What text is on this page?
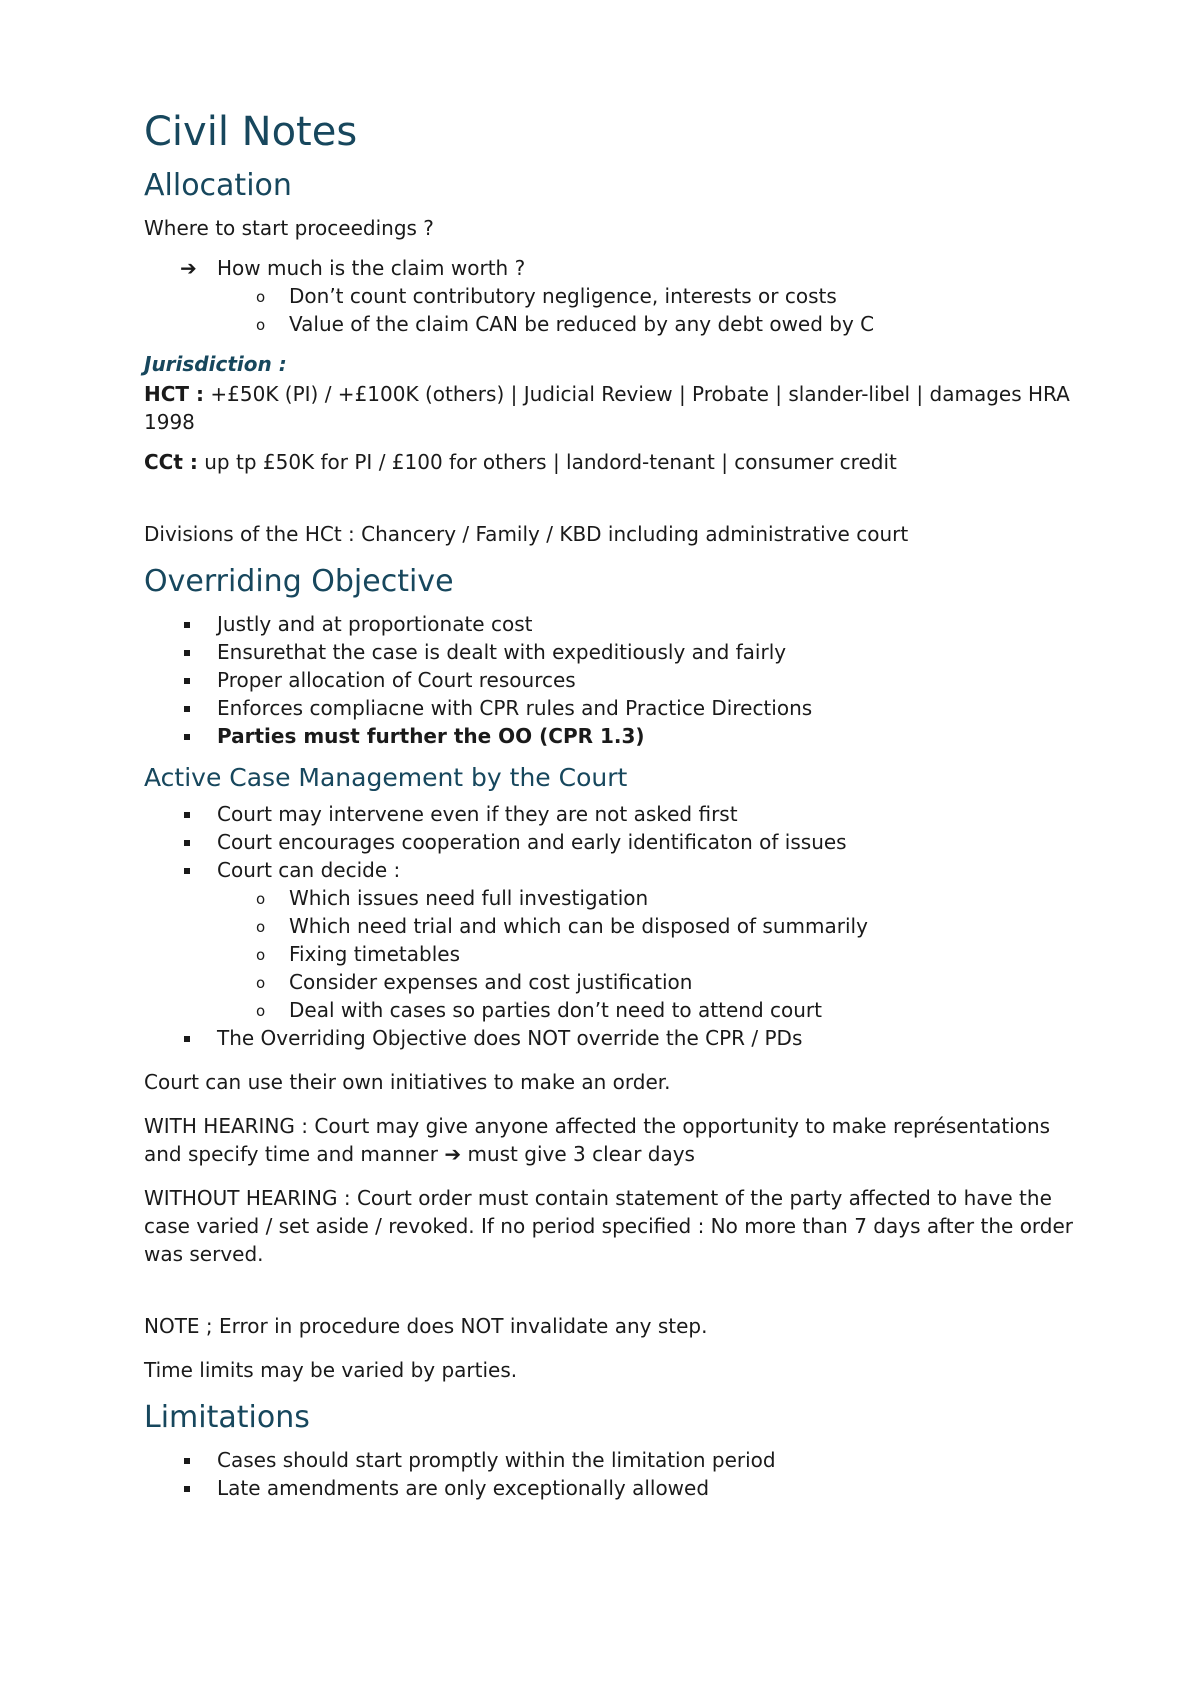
Civil Notes
Allocation

Where to start proceedings ?

➔ How much is the claim worth ?
o Don’t count contributory negligence, interests or costs
o Value of the claim CAN be reduced by any debt owed by C

Jurisdiction :

HCT : +£50K (PI) / +£100K (others) | Judicial Review | Probate | slander-libel | damages HRA 1998

CCt : up tp £50K for PI / £100 for others | landord-tenant | consumer credit

Divisions of the HCt : Chancery / Family / KBD including administrative court

Overriding Objective
Justly and at proportionate cost
Ensurethat the case is dealt with expeditiously and fairly
Proper allocation of Court resources
Enforces compliacne with CPR rules and Practice Directions
Parties must further the OO (CPR 1.3)
Active Case Management by the Court
Court may intervene even if they are not asked first
Court encourages cooperation and early identificaton of issues
Court can decide :
o Which issues need full investigation
o Which need trial and which can be disposed of summarily
o Fixing timetables
o Consider expenses and cost justification
o Deal with cases so parties don’t need to attend court
The Overriding Objective does NOT override the CPR / PDs

Court can use their own initiatives to make an order.

WITH HEARING : Court may give anyone affected the opportunity to make représentations and specify time and manner ➔ must give 3 clear days

WITHOUT HEARING : Court order must contain statement of the party affected to have the case varied / set aside / revoked. If no period specified : No more than 7 days after the order was served.

NOTE ; Error in procedure does NOT invalidate any step.

Time limits may be varied by parties.

Limitations
Cases should start promptly within the limitation period
Late amendments are only exceptionally allowed
